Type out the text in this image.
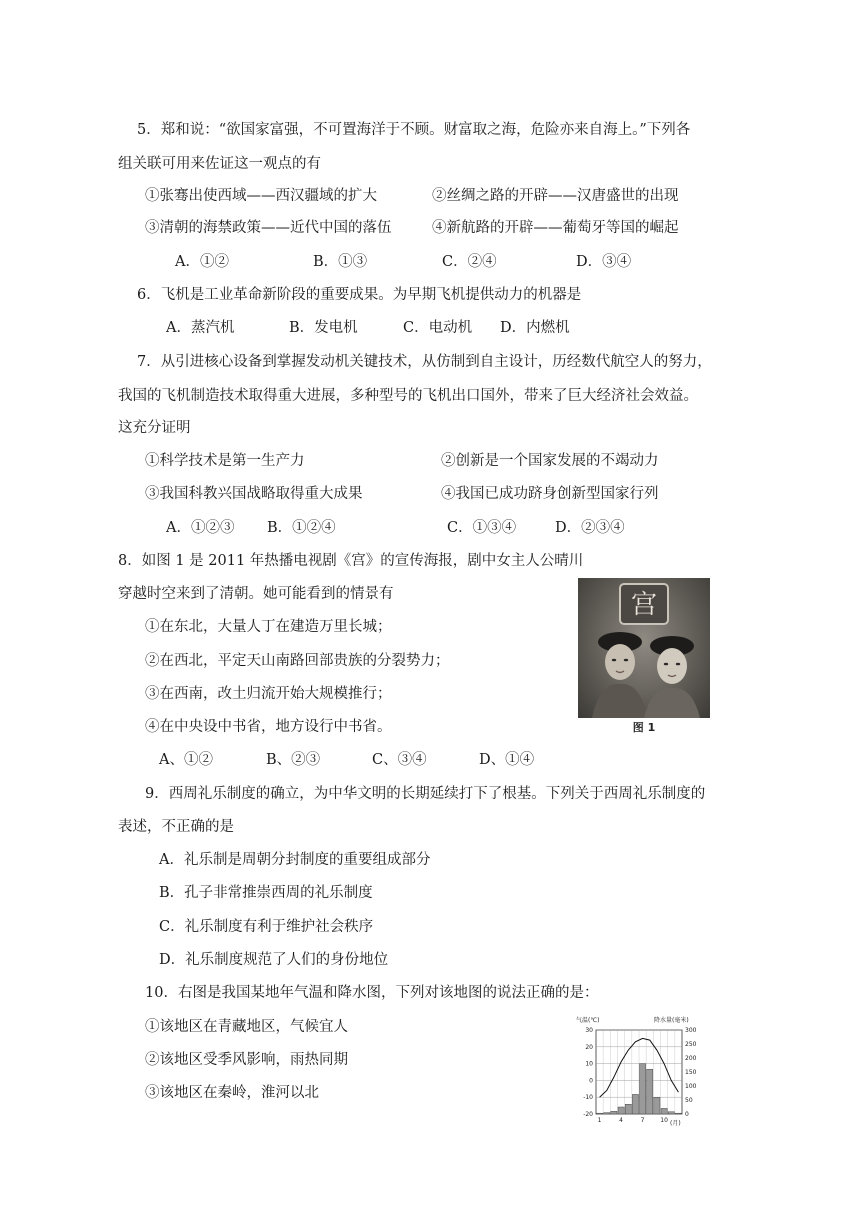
5．郑和说：“欲国家富强，不可置海洋于不顾。财富取之海，危险亦来自海上。”下列各
组关联可用来佐证这一观点的有
①张骞出使西域——西汉疆域的扩大	②丝绸之路的开辟——汉唐盛世的出现
③清朝的海禁政策——近代中国的落伍	④新航路的开辟——葡萄牙等国的崛起
A．①②	B．①③	C．②④	D．③④
6．飞机是工业革命新阶段的重要成果。为早期飞机提供动力的机器是
A．蒸汽机	B．发电机	C．电动机 D．内燃机
7．从引进核心设备到掌握发动机关键技术，从仿制到自主设计，历经数代航空人的努力，
我国的飞机制造技术取得重大进展，多种型号的飞机出口国外，带来了巨大经济社会效益。
这充分证明
①科学技术是第一生产力	②创新是一个国家发展的不竭动力
③我国科教兴国战略取得重大成果	④我国已成功跻身创新型国家行列
A．①②③ B．①②④	C．①③④	D．②③④
8．如图 1 是 2011 年热播电视剧《宫》的宣传海报，剧中女主人公晴川
穿越时空来到了清朝。她可能看到的情景有
①在东北，大量人丁在建造万里长城；
②在西北，平定天山南路回部贵族的分裂势力；
③在西南，改土归流开始大规模推行；
④在中央设中书省，地方设行中书省。
A、①②	B、②③	C、③④	D、①④
宫
图 1
9．西周礼乐制度的确立，为中华文明的长期延续打下了根基。下列关于西周礼乐制度的
表述，不正确的是
A．礼乐制是周朝分封制度的重要组成部分
B．孔子非常推崇西周的礼乐制度
C．礼乐制度有利于维护社会秩序
D．礼乐制度规范了人们的身份地位
10．右图是我国某地年气温和降水图，下列对该地图的说法正确的是：
①该地区在青藏地区，气候宜人
②该地区受季风影响，雨热同期
③该地区在秦岭，淮河以北
气温(℃)	降水量(毫米)
-20
-10
0
10
20
30
0
50
100
150
200
250
300
1	4	7	10 (月)
